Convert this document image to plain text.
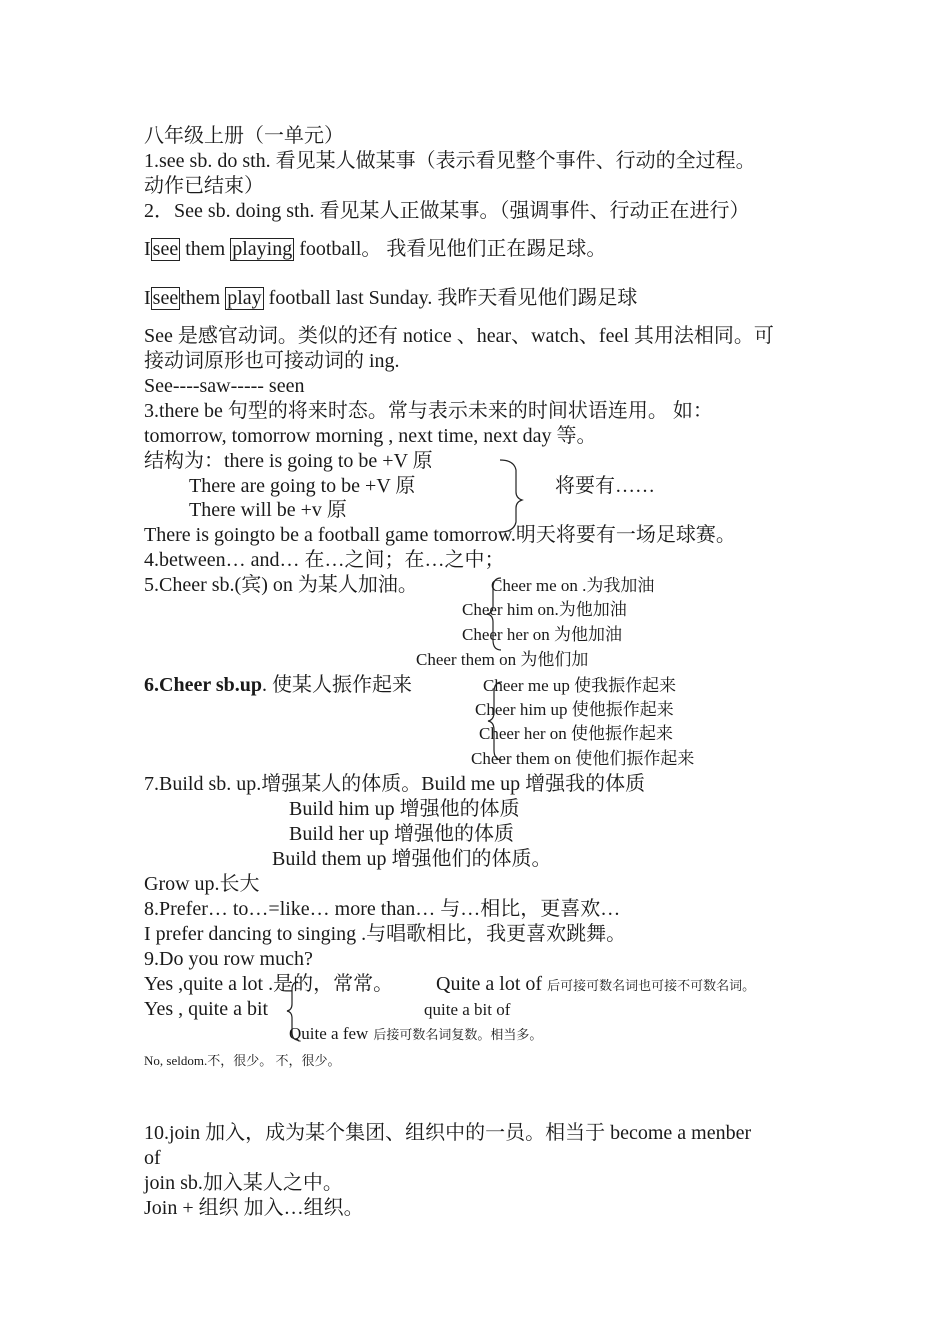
八年级上册（一单元）
1.see sb. do sth. 看见某人做某事（表示看见整个事件、行动的全过程。
动作已结束）
2．See sb. doing sth. 看见某人正做某事。（强调事件、行动正在进行）
I see them playing football。 我看见他们正在踢足球。
I see them play football last Sunday. 我昨天看见他们踢足球
See 是感官动词。类似的还有 notice 、hear、watch、feel 其用法相同。可
接动词原形也可接动词的 ing.
See----saw----- seen
3.there be 句型的将来时态。常与表示未来的时间状语连用。 如：
tomorrow, tomorrow morning , next time, next day 等。
结构为：there is going to be +V 原
There are going to be +V 原
There will be +v 原
将要有……
There is goingto be a football game tomorrow.明天将要有一场足球赛。
4.between… and… 在…之间；在…之中；
5.Cheer sb.(宾) on 为某人加油。	Cheer me on .为我加油
Cheer him on.为他加油
Cheer her on 为他加油
Cheer them on 为他们加
6.Cheer sb.up. 使某人振作起来	Cheer me up 使我振作起来
Cheer him up 使他振作起来
Cheer her on 使他振作起来
Cheer them on 使他们振作起来
7.Build sb. up.增强某人的体质。Build me up 增强我的体质
Build him up 增强他的体质
Build her up 增强他的体质
Build them up 增强他们的体质。
Grow up.长大
8.Prefer… to…=like… more than… 与…相比，更喜欢…
I prefer dancing to singing .与唱歌相比，我更喜欢跳舞。
9.Do you row much?
Yes ,quite a lot .是的，常常。 Quite a lot of 后可接可数名词也可接不可数名词。
Yes , quite a bit	quite a bit of
Quite a few 后接可数名词复数。相当多。
No, seldom.不，很少。 不，很少。
10.join 加入，成为某个集团、组织中的一员。相当于 become a menber
of
join sb.加入某人之中。
Join + 组织 加入…组织。
